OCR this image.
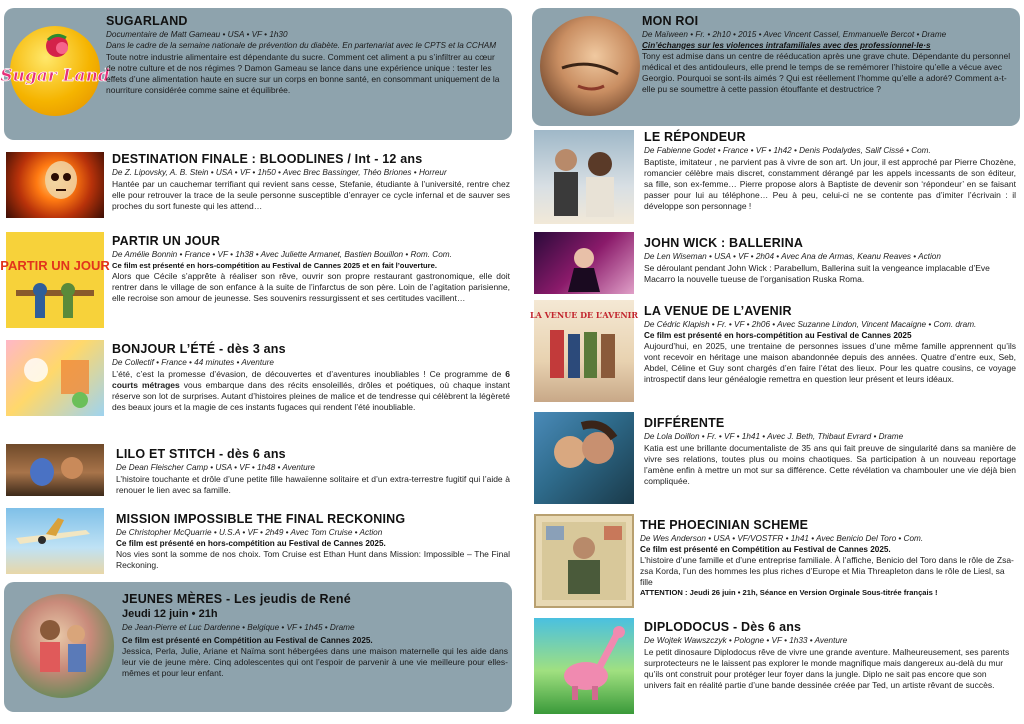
Sugar Land
SUGARLAND
Documentaire de Matt Gameau • USA • VF • 1h30
Dans le cadre de la semaine nationale de prévention du diabète. En partenariat avec le CPTS et la CCHAM
Toute notre industrie alimentaire est dépendante du sucre. Comment cet aliment a pu s’infiltrer au cœur de notre culture et de nos régimes ? Damon Gameau se lance dans une expérience unique : tester les effets d’une alimentation haute en sucre sur un corps en bonne santé, en consommant uniquement de la nourriture considérée comme saine et équilibrée.
DESTINATION FINALE : BLOODLINES / Int - 12 ans
De Z. Lipovsky, A. B. Stein • USA • VF • 1h50 • Avec Brec Bassinger, Théo Briones • Horreur
Hantée par un cauchemar terrifiant qui revient sans cesse, Stefanie, étudiante à l’université, rentre chez elle pour retrouver la trace de la seule personne susceptible d’enrayer ce cycle infernal et de sauver ses proches du sort funeste qui les attend…
PARTIR UN JOUR
PARTIR UN JOUR
De Amélie Bonnin • France • VF • 1h38 • Avec Juliette Armanet, Bastien Bouillon • Rom. Com.
Ce film est présenté en hors-compétition au Festival de Cannes 2025 et en fait l’ouverture.
Alors que Cécile s’apprête à réaliser son rêve, ouvrir son propre restaurant gastronomique, elle doit rentrer dans le village de son enfance à la suite de l’infarctus de son père. Loin de l’agitation parisienne, elle recroise son amour de jeunesse. Ses souvenirs ressurgissent et ses certitudes vacillent…
BONJOUR L’ÉTÉ - dès 3 ans
De Collectif • France • 44 minutes • Aventure
L’été, c’est la promesse d’évasion, de découvertes et d’aventures inoubliables ! Ce programme de 6 courts métrages vous embarque dans des récits ensoleillés, drôles et poétiques, où chaque instant réserve son lot de surprises. Autant d’histoires pleines de malice et de tendresse qui célèbrent la légèreté des beaux jours et la magie de ces instants fugaces qui rendent l’été inoubliable.
LILO ET STITCH - dès 6 ans
De Dean Fleischer Camp • USA • VF • 1h48 • Aventure
L’histoire touchante et drôle d’une petite fille hawaïenne solitaire et d’un extra-terrestre fugitif qui l’aide à renouer le lien avec sa famille.
MISSION IMPOSSIBLE THE FINAL RECKONING
De Christopher McQuarrie • U.S.A • VF • 2h49 • Avec Tom Cruise • Action
Ce film est présenté en hors-compétition au Festival de Cannes 2025.
Nos vies sont la somme de nos choix. Tom Cruise est Ethan Hunt dans Mission: Impossible – The Final Reckoning.
JEUNES MÈRES - Les jeudis de René
Jeudi 12 juin • 21h
De Jean-Pierre et Luc Dardenne • Belgique • VF • 1h45 • Drame
Ce film est présenté en Compétition au Festival de Cannes 2025.
Jessica, Perla, Julie, Ariane et Naïma sont hébergées dans une maison maternelle qui les aide dans leur vie de jeune mère. Cinq adolescentes qui ont l’espoir de parvenir à une vie meilleure pour elles-mêmes et pour leur enfant.
MON ROI
De Maïween • Fr. • 2h10 • 2015 • Avec Vincent Cassel, Emmanuelle Bercot • Drame
Cin’échanges sur les violences intrafamiliales avec des professionnel·le·s
Tony est admise dans un centre de rééducation après une grave chute. Dépendante du personnel médical et des antidouleurs, elle prend le temps de se remémorer l’histoire qu’elle a vécue avec Georgio. Pourquoi se sont-ils aimés ? Qui est réellement l’homme qu’elle a adoré? Comment a-t-elle pu se soumettre à cette passion étouffante et destructrice ?
LE RÉPONDEUR
De Fabienne Godet • France • VF • 1h42 • Denis Podalydes, Salif Cissé • Com.
Baptiste, imitateur , ne parvient pas à vivre de son art. Un jour, il est approché par Pierre Chozène, romancier célèbre mais discret, constamment dérangé par les appels incessants de son éditeur, sa fille, son ex-femme… Pierre propose alors à Baptiste de devenir son ‘répondeur’ en se faisant passer pour lui au téléphone… Peu à peu, celui-ci ne se contente pas d’imiter l’écrivain : il développe son personnage !
JOHN WICK : BALLERINA
De Len Wiseman • USA • VF • 2h04 • Avec Ana de Armas, Keanu Reaves • Action
Se déroulant pendant John Wick : Parabellum, Ballerina suit la vengeance implacable d’Eve Macarro la nouvelle tueuse de l’organisation Ruska Roma.
LA VENUE DE L’AVENIR LA VENUE DE L’AVENIR
De Cédric Klapish • Fr. • VF • 2h06 • Avec Suzanne Lindon, Vincent Macaigne • Com. dram.
Ce film est présenté en hors-compétition au Festival de Cannes 2025
Aujourd’hui, en 2025, une trentaine de personnes issues d’une même famille apprennent qu’ils vont recevoir en héritage une maison abandonnée depuis des années. Quatre d’entre eux, Seb, Abdel, Céline et Guy sont chargés d’en faire l’état des lieux. Pour les quatre cousins, ce voyage introspectif dans leur généalogie remettra en question leur présent et leurs idéaux.
DIFFÉRENTE
De Lola Doillon • Fr. • VF • 1h41 • Avec J. Beth, Thibaut Evrard • Drame
Katia est une brillante documentaliste de 35 ans qui fait preuve de singularité dans sa manière de vivre ses relations, toutes plus ou moins chaotiques. Sa participation à un nouveau reportage l’amène enfin à mettre un mot sur sa différence. Cette révélation va chambouler une vie déjà bien compliquée.
THE PHOECINIAN SCHEME
De Wes Anderson • USA • VF/VOSTFR • 1h41 • Avec Benicio Del Toro • Com.
Ce film est présenté en Compétition au Festival de Cannes 2025.
L’histoire d’une famille et d’une entreprise familiale. À l’affiche, Benicio del Toro dans le rôle de Zsa-zsa Korda, l’un des hommes les plus riches d’Europe et Mia Threapleton dans le rôle de Liesl, sa fille
ATTENTION : Jeudi 26 juin • 21h, Séance en Version Orginale Sous-titrée français !
DIPLODOCUS - Dès 6 ans
De Wojtek Wawszczyk • Pologne • VF • 1h33 • Aventure
Le petit dinosaure Diplodocus rêve de vivre une grande aventure. Malheureusement, ses parents surprotecteurs ne le laissent pas explorer le monde magnifique mais dangereux au-delà du mur qu’ils ont construit pour protéger leur foyer dans la jungle. Diplo ne sait pas encore que son univers fait en réalité partie d’une bande dessinée créée par Ted, un artiste rêvant de succès.
